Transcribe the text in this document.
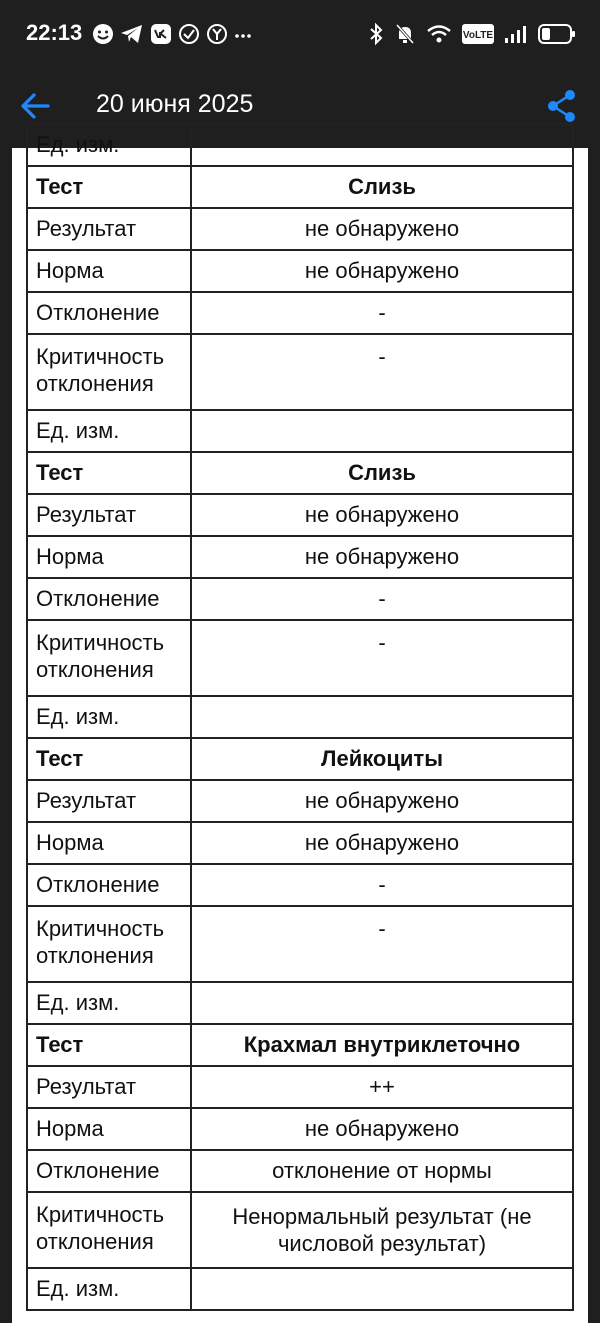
22:13	VoLTE
20 июня 2025
Ед. изм.	
Тест	Слизь
Результат	не обнаружено
Норма	не обнаружено
Отклонение	-
Критичность
отклонения	-
Ед. изм.	
Тест	Слизь
Результат	не обнаружено
Норма	не обнаружено
Отклонение	-
Критичность
отклонения	-
Ед. изм.	
Тест	Лейкоциты
Результат	не обнаружено
Норма	не обнаружено
Отклонение	-
Критичность
отклонения	-
Ед. изм.	
Тест	Крахмал внутриклеточно
Результат	++
Норма	не обнаружено
Отклонение	отклонение от нормы
Критичность
отклонения	Ненормальный результат (не числовой результат)
Ед. изм.	
